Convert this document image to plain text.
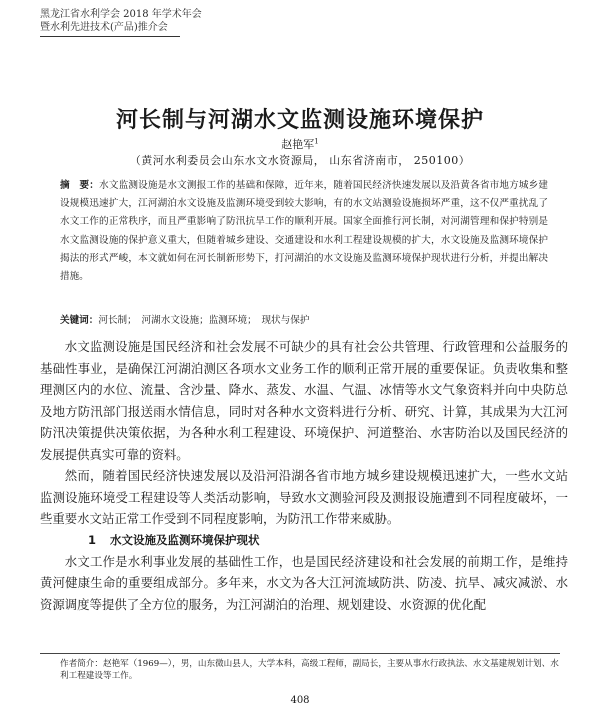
黑龙江省水利学会 2018 年学术年会
暨水利先进技术(产品)推介会
河长制与河湖水文监测设施环境保护
赵艳军$^1$
（黄河水利委员会山东水文水资源局， 山东省济南市， 250100）
摘　要：水文监测设施是水文测报工作的基础和保障，近年来，随着国民经济快速发展以及沿黄各省市地方城乡建设规模迅速扩大，江河湖泊水文设施及监测环境受到较大影响，有的水文站测验设施损坏严重，这不仅严重扰乱了水文工作的正常秩序，而且严重影响了防汛抗旱工作的顺利开展。国家全面推行河长制，对河湖管理和保护特别是水文监测设施的保护意义重大，但随着城乡建设、交通建设和水利工程建设规模的扩大，水文设施及监测环境保护揭法的形式严峻，本文就如何在河长制新形势下，打河湖泊的水文设施及监测环境保护现状进行分析，并提出解决措施。
关键词：河长制；　河湖水文设施；监测环境；　现状与保护

水文监测设施是国民经济和社会发展不可缺少的具有社会公共管理、行政管理和公益服务的基础性事业，是确保江河湖泊测区各项水文业务工作的顺利正常开展的重要保证。负责收集和整理测区内的水位、流量、含沙量、降水、蒸发、水温、气温、冰情等水文气象资料并向中央防总及地方防汛部门报送雨水情信息，同时对各种水文资料进行分析、研究、计算，其成果为大江河防汛决策提供决策依据，为各种水利工程建设、环境保护、河道整治、水害防治以及国民经济的发展提供真实可靠的资料。

然而，随着国民经济快速发展以及沿河沿湖各省市地方城乡建设规模迅速扩大，一些水文站监测设施环境受工程建设等人类活动影响，导致水文测验河段及测报设施遭到不同程度破坏，一些重要水文站正常工作受到不同程度影响，为防汛工作带来威胁。

1 水文设施及监测环境保护现状

水文工作是水利事业发展的基础性工作，也是国民经济建设和社会发展的前期工作，是维持黄河健康生命的重要组成部分。多年来，水文为各大江河流域防洪、防凌、抗旱、减灾减淤、水资源调度等提供了全方位的服务，为江河湖泊的治理、规划建设、水资源的优化配

作者简介：赵艳军（1969—），男，山东微山县人，大学本科，高级工程师，副局长，主要从事水行政执法、水文基建规划计划、水利工程建设等工作。
408
